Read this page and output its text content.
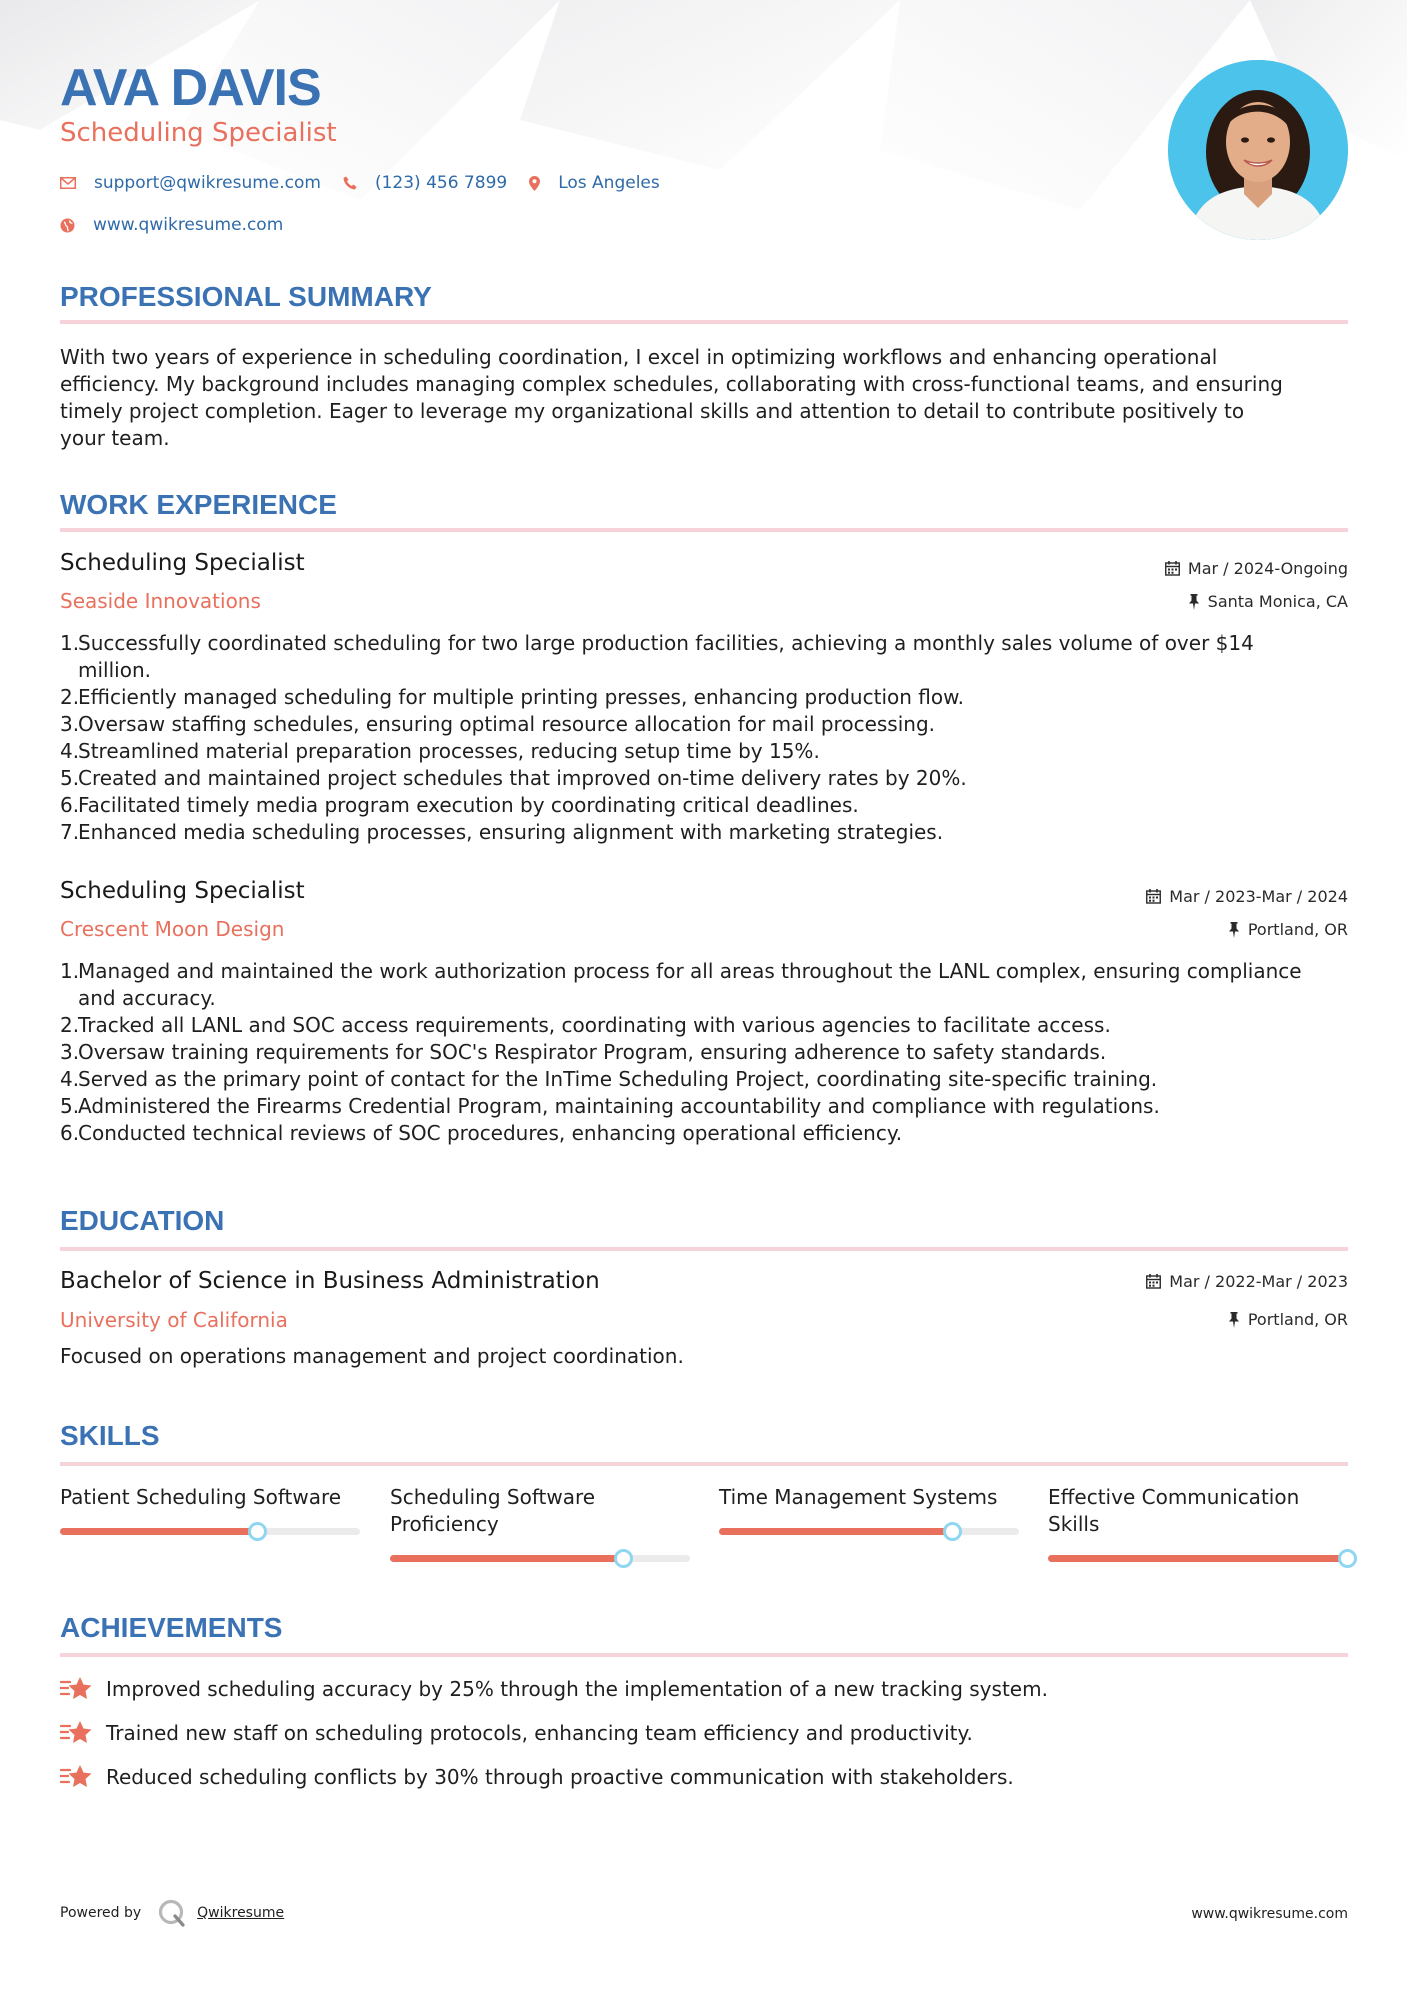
AVA DAVIS
Scheduling Specialist
support@qwikresume.com	(123) 456 7899	Los Angeles
www.qwikresume.com
PROFESSIONAL SUMMARY
With two years of experience in scheduling coordination, I excel in optimizing workflows and enhancing operational efficiency. My background includes managing complex schedules, collaborating with cross-functional teams, and ensuring timely project completion. Eager to leverage my organizational skills and attention to detail to contribute positively to your team.
WORK EXPERIENCE
Scheduling Specialist
Seaside Innovations
Mar / 2024-Ongoing
Santa Monica, CA
Successfully coordinated scheduling for two large production facilities, achieving a monthly sales volume of over $14 million.
Efficiently managed scheduling for multiple printing presses, enhancing production flow.
Oversaw staffing schedules, ensuring optimal resource allocation for mail processing.
Streamlined material preparation processes, reducing setup time by 15%.
Created and maintained project schedules that improved on-time delivery rates by 20%.
Facilitated timely media program execution by coordinating critical deadlines.
Enhanced media scheduling processes, ensuring alignment with marketing strategies.
Scheduling Specialist
Crescent Moon Design
Mar / 2023-Mar / 2024
Portland, OR
Managed and maintained the work authorization process for all areas throughout the LANL complex, ensuring compliance and accuracy.
Tracked all LANL and SOC access requirements, coordinating with various agencies to facilitate access.
Oversaw training requirements for SOC's Respirator Program, ensuring adherence to safety standards.
Served as the primary point of contact for the InTime Scheduling Project, coordinating site-specific training.
Administered the Firearms Credential Program, maintaining accountability and compliance with regulations.
Conducted technical reviews of SOC procedures, enhancing operational efficiency.
EDUCATION
Bachelor of Science in Business Administration
University of California
Mar / 2022-Mar / 2023
Portland, OR
Focused on operations management and project coordination.
SKILLS
Patient Scheduling Software	Scheduling Software Proficiency
Time Management Systems	Effective Communication Skills
ACHIEVEMENTS
Improved scheduling accuracy by 25% through the implementation of a new tracking system.
Trained new staff on scheduling protocols, enhancing team efficiency and productivity.
Reduced scheduling conflicts by 30% through proactive communication with stakeholders.
Powered by	Qwikresume	www.qwikresume.com
